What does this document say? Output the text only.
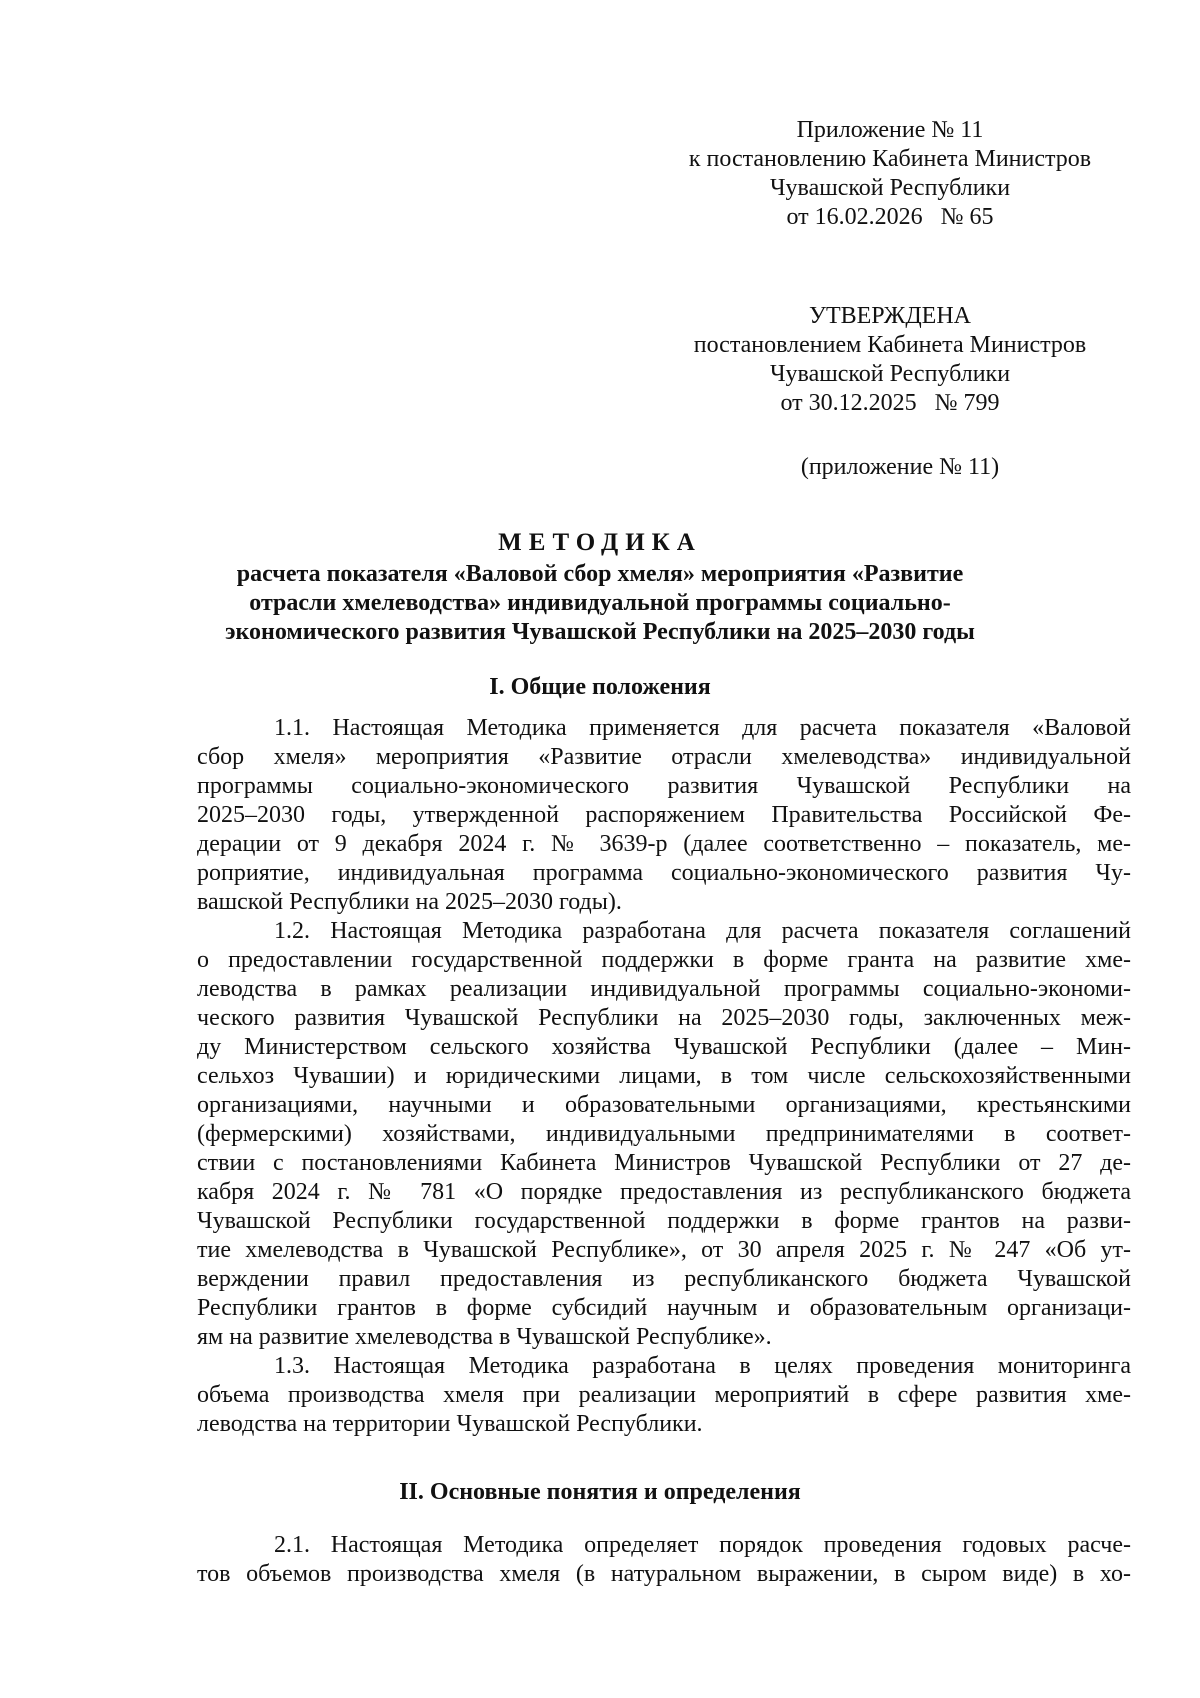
Приложение № 11
к постановлению Кабинета Министров
Чувашской Республики
от 16.02.2026   № 65
УТВЕРЖДЕНА
постановлением Кабинета Министров
Чувашской Республики
от 30.12.2025   № 799
(приложение № 11)
МЕТОДИКА
расчета показателя «Валовой сбор хмеля» мероприятия «Развитие
отрасли хмелеводства» индивидуальной программы социально-
экономического развития Чувашской Республики на 2025–2030 годы
I. Общие положения
1.1. Настоящая Методика применяется для расчета показателя «Валовой
сбор хмеля» мероприятия «Развитие отрасли хмелеводства» индивидуальной
программы социально-экономического развития Чувашской Республики на
2025–2030 годы, утвержденной распоряжением Правительства Российской Фе-
дерации от 9 декабря 2024 г. № 3639-р (далее соответственно – показатель, ме-
роприятие, индивидуальная программа социально-экономического развития Чу-
вашской Республики на 2025–2030 годы).
1.2. Настоящая Методика разработана для расчета показателя соглашений
о предоставлении государственной поддержки в форме гранта на развитие хме-
леводства в рамках реализации индивидуальной программы социально-экономи-
ческого развития Чувашской Республики на 2025–2030 годы, заключенных меж-
ду Министерством сельского хозяйства Чувашской Республики (далее – Мин-
сельхоз Чувашии) и юридическими лицами, в том числе сельскохозяйственными
организациями, научными и образовательными организациями, крестьянскими
(фермерскими) хозяйствами, индивидуальными предпринимателями в соответ-
ствии с постановлениями Кабинета Министров Чувашской Республики от 27 де-
кабря 2024 г. № 781 «О порядке предоставления из республиканского бюджета
Чувашской Республики государственной поддержки в форме грантов на разви-
тие хмелеводства в Чувашской Республике», от 30 апреля 2025 г. № 247 «Об ут-
верждении правил предоставления из республиканского бюджета Чувашской
Республики грантов в форме субсидий научным и образовательным организаци-
ям на развитие хмелеводства в Чувашской Республике».
1.3. Настоящая Методика разработана в целях проведения мониторинга
объема производства хмеля при реализации мероприятий в сфере развития хме-
леводства на территории Чувашской Республики.
II. Основные понятия и определения
2.1. Настоящая Методика определяет порядок проведения годовых расче-
тов объемов производства хмеля (в натуральном выражении, в сыром виде) в хо-
